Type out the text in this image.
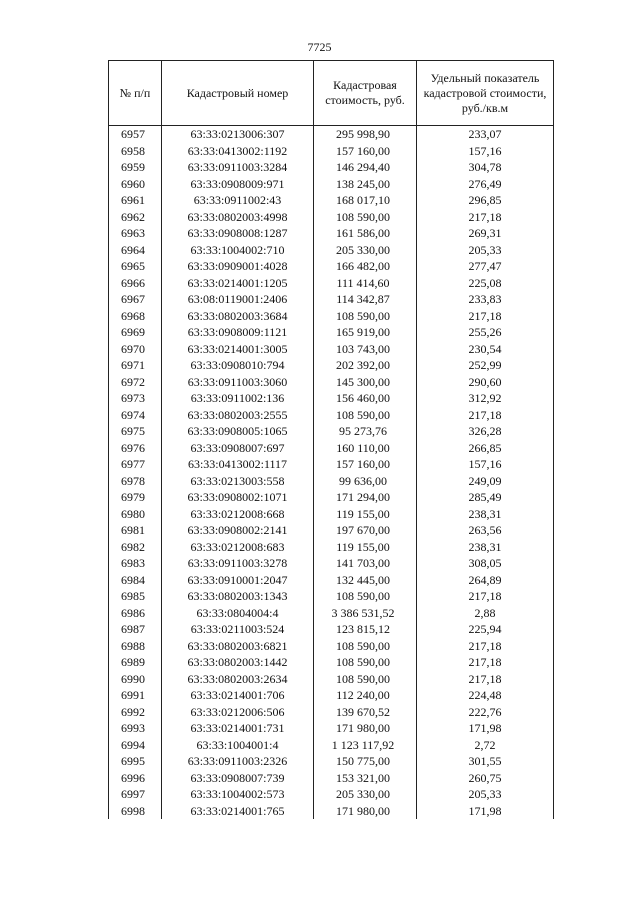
7725
№ п/п	Кадастровый номер	Кадастровая стоимость, руб.	Удельный показатель кадастровой стоимости, руб./кв.м
6957	63:33:0213006:307	295 998,90	233,07
6958	63:33:0413002:1192	157 160,00	157,16
6959	63:33:0911003:3284	146 294,40	304,78
6960	63:33:0908009:971	138 245,00	276,49
6961	63:33:0911002:43	168 017,10	296,85
6962	63:33:0802003:4998	108 590,00	217,18
6963	63:33:0908008:1287	161 586,00	269,31
6964	63:33:1004002:710	205 330,00	205,33
6965	63:33:0909001:4028	166 482,00	277,47
6966	63:33:0214001:1205	111 414,60	225,08
6967	63:08:0119001:2406	114 342,87	233,83
6968	63:33:0802003:3684	108 590,00	217,18
6969	63:33:0908009:1121	165 919,00	255,26
6970	63:33:0214001:3005	103 743,00	230,54
6971	63:33:0908010:794	202 392,00	252,99
6972	63:33:0911003:3060	145 300,00	290,60
6973	63:33:0911002:136	156 460,00	312,92
6974	63:33:0802003:2555	108 590,00	217,18
6975	63:33:0908005:1065	95 273,76	326,28
6976	63:33:0908007:697	160 110,00	266,85
6977	63:33:0413002:1117	157 160,00	157,16
6978	63:33:0213003:558	99 636,00	249,09
6979	63:33:0908002:1071	171 294,00	285,49
6980	63:33:0212008:668	119 155,00	238,31
6981	63:33:0908002:2141	197 670,00	263,56
6982	63:33:0212008:683	119 155,00	238,31
6983	63:33:0911003:3278	141 703,00	308,05
6984	63:33:0910001:2047	132 445,00	264,89
6985	63:33:0802003:1343	108 590,00	217,18
6986	63:33:0804004:4	3 386 531,52	2,88
6987	63:33:0211003:524	123 815,12	225,94
6988	63:33:0802003:6821	108 590,00	217,18
6989	63:33:0802003:1442	108 590,00	217,18
6990	63:33:0802003:2634	108 590,00	217,18
6991	63:33:0214001:706	112 240,00	224,48
6992	63:33:0212006:506	139 670,52	222,76
6993	63:33:0214001:731	171 980,00	171,98
6994	63:33:1004001:4	1 123 117,92	2,72
6995	63:33:0911003:2326	150 775,00	301,55
6996	63:33:0908007:739	153 321,00	260,75
6997	63:33:1004002:573	205 330,00	205,33
6998	63:33:0214001:765	171 980,00	171,98
